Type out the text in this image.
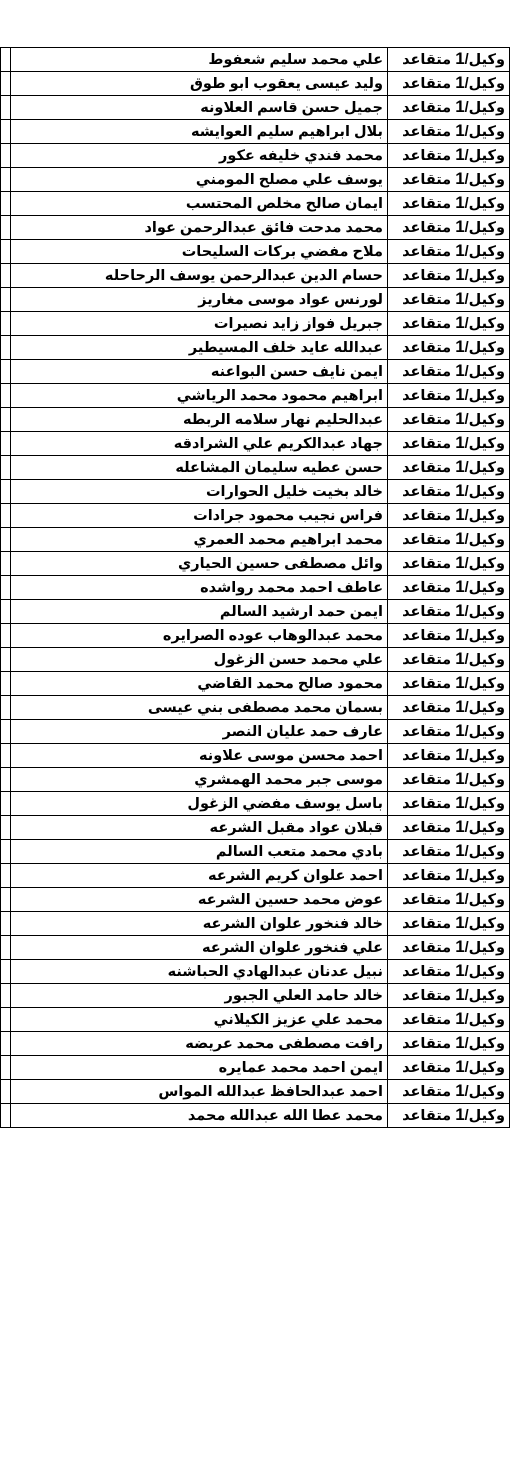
	علي محمد سليم شعفوط	وكيل/1 متقاعد
	وليد عيسى يعقوب ابو طوق	وكيل/1 متقاعد
	جميل حسن قاسم العلاونه	وكيل/1 متقاعد
	بلال ابراهيم سليم العوايشه	وكيل/1 متقاعد
	محمد فندي خليفه عكور	وكيل/1 متقاعد
	يوسف علي مصلح المومني	وكيل/1 متقاعد
	ايمان صالح مخلص المحتسب	وكيل/1 متقاعد
	محمد مدحت فائق عبدالرحمن عواد	وكيل/1 متقاعد
	ملاح مفضي بركات السليحات	وكيل/1 متقاعد
	حسام الدين عبدالرحمن يوسف الرحاحله	وكيل/1 متقاعد
	لورنس عواد موسى مغاريز	وكيل/1 متقاعد
	جبريل فواز زايد نصيرات	وكيل/1 متقاعد
	عبدالله عايد خلف المسيطير	وكيل/1 متقاعد
	ايمن نايف حسن البواعنه	وكيل/1 متقاعد
	ابراهيم محمود محمد الرياشي	وكيل/1 متقاعد
	عبدالحليم نهار سلامه الربطه	وكيل/1 متقاعد
	جهاد عبدالكريم علي الشرادقه	وكيل/1 متقاعد
	حسن عطيه سليمان المشاعله	وكيل/1 متقاعد
	خالد بخيت خليل الحوارات	وكيل/1 متقاعد
	فراس نجيب محمود جرادات	وكيل/1 متقاعد
	محمد ابراهيم محمد العمري	وكيل/1 متقاعد
	وائل مصطفى حسين الحياري	وكيل/1 متقاعد
	عاطف احمد محمد رواشده	وكيل/1 متقاعد
	ايمن حمد ارشيد السالم	وكيل/1 متقاعد
	محمد عبدالوهاب عوده الصرايره	وكيل/1 متقاعد
	علي محمد حسن الزغول	وكيل/1 متقاعد
	محمود صالح محمد القاضي	وكيل/1 متقاعد
	بسمان محمد مصطفى بني عيسى	وكيل/1 متقاعد
	عارف حمد عليان النصر	وكيل/1 متقاعد
	احمد محسن موسى علاونه	وكيل/1 متقاعد
	موسى جبر محمد الهمشري	وكيل/1 متقاعد
	باسل يوسف مفضي الزغول	وكيل/1 متقاعد
	قبلان عواد مقبل الشرعه	وكيل/1 متقاعد
	بادي محمد متعب السالم	وكيل/1 متقاعد
	احمد علوان كريم الشرعه	وكيل/1 متقاعد
	عوض محمد حسين الشرعه	وكيل/1 متقاعد
	خالد فنخور علوان الشرعه	وكيل/1 متقاعد
	علي فنخور علوان الشرعه	وكيل/1 متقاعد
	نبيل عدنان عبدالهادي الحباشنه	وكيل/1 متقاعد
	خالد حامد العلي الجبور	وكيل/1 متقاعد
	محمد علي عزيز الكيلاني	وكيل/1 متقاعد
	رافت مصطفى محمد عريضه	وكيل/1 متقاعد
	ايمن احمد محمد عمايره	وكيل/1 متقاعد
	احمد عبدالحافظ عبدالله المواس	وكيل/1 متقاعد
	محمد عطا الله عبدالله محمد	وكيل/1 متقاعد
